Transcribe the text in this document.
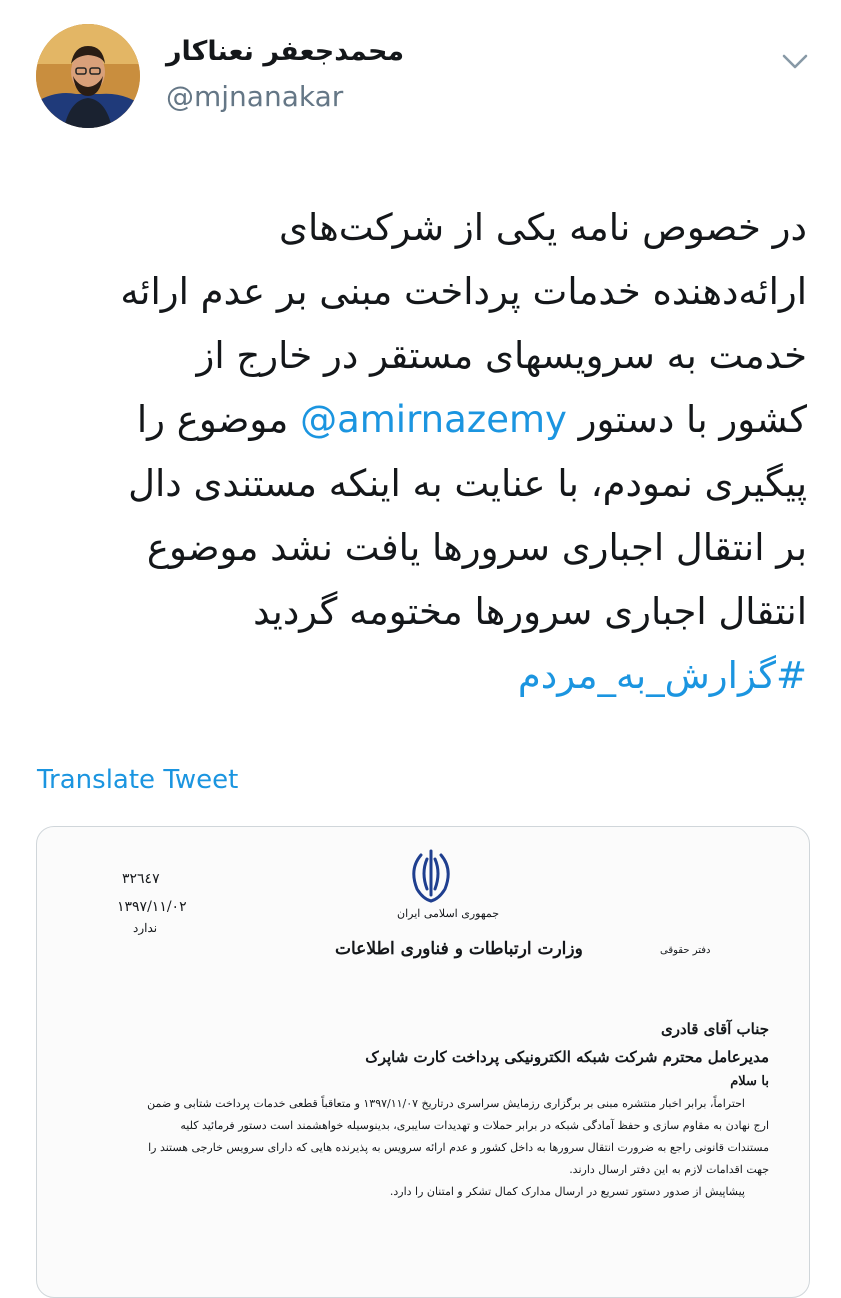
محمدجعفر نعناکار
@mjnanakar
در خصوص نامه یکی از شرکت‌های
ارائه‌دهنده خدمات پرداخت مبنی بر عدم ارائه
خدمت به سرویسهای مستقر در خارج از
کشور با دستور @amirnazemy موضوع را
پیگیری نمودم، با عنایت به اینکه مستندی دال
بر انتقال اجباری سرورها یافت نشد موضوع
انتقال اجباری سرورها مختومه گردید
#گزارش_به_مردم
Translate Tweet
۳۲٦٤۷
۱۳۹۷/۱۱/۰۲
ندارد
جمهوری اسلامی ایران
وزارت ارتباطات و فناوری اطلاعات	دفتر حقوقی
جناب آقای قادری
مدیرعامل محترم شرکت شبکه الکترونیکی پرداخت کارت شاپرک
با سلام
احتراماً، برابر اخبار منتشره مبنی بر برگزاری رزمایش سراسری درتاریخ ۱۳۹۷/۱۱/۰۷ و متعاقباً قطعی خدمات پرداخت شتابی و ضمن
ارج نهادن به مقاوم سازی و حفظ آمادگی شبکه در برابر حملات و تهدیدات سایبری، بدینوسیله خواهشمند است دستور فرمائید کلیه
مستندات قانونی راجع به ضرورت انتقال سرورها به داخل کشور و عدم ارائه سرویس به پذیرنده هایی که دارای سرویس خارجی هستند را
جهت اقدامات لازم به این دفتر ارسال دارند.
پیشاپیش از صدور دستور تسریع در ارسال مدارک کمال تشکر و امتنان را دارد.
